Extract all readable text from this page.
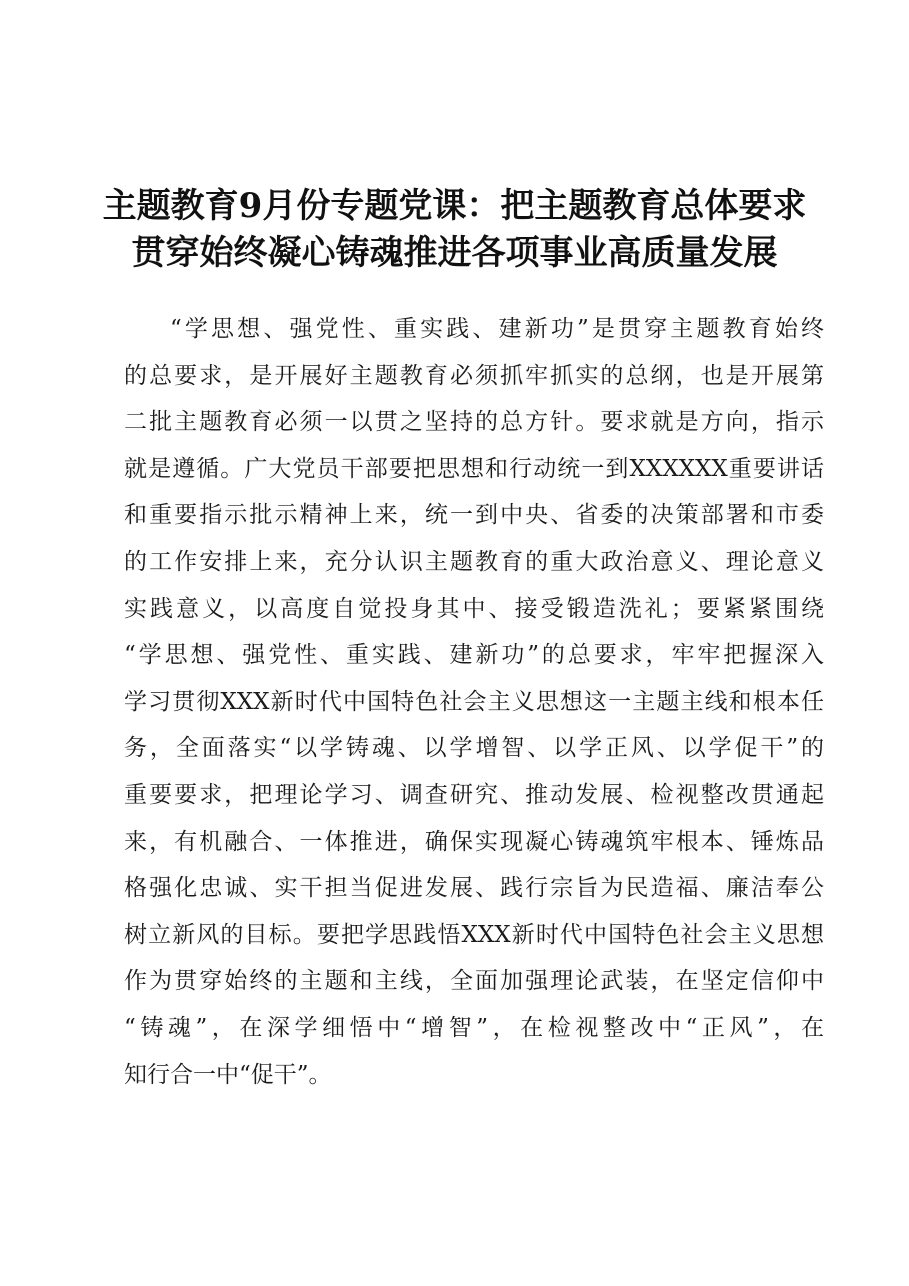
主题教育9月份专题党课：把主题教育总体要求
贯穿始终凝心铸魂推进各项事业高质量发展
“学思想、强党性、重实践、建新功”是贯穿主题教育始终
的总要求，是开展好主题教育必须抓牢抓实的总纲，也是开展第
二批主题教育必须一以贯之坚持的总方针。要求就是方向，指示
就是遵循。广大党员干部要把思想和行动统一到XXXXXX重要讲话
和重要指示批示精神上来，统一到中央、省委的决策部署和市委
的工作安排上来，充分认识主题教育的重大政治意义、理论意义
实践意义，以高度自觉投身其中、接受锻造洗礼；要紧紧围绕
“学思想、强党性、重实践、建新功”的总要求，牢牢把握深入
学习贯彻XXX新时代中国特色社会主义思想这一主题主线和根本任
务，全面落实“以学铸魂、以学增智、以学正风、以学促干”的
重要要求，把理论学习、调查研究、推动发展、检视整改贯通起
来，有机融合、一体推进，确保实现凝心铸魂筑牢根本、锤炼品
格强化忠诚、实干担当促进发展、践行宗旨为民造福、廉洁奉公
树立新风的目标。要把学思践悟XXX新时代中国特色社会主义思想
作为贯穿始终的主题和主线，全面加强理论武装，在坚定信仰中
“铸魂”，在深学细悟中“增智”，在检视整改中“正风”，在
知行合一中“促干”。
